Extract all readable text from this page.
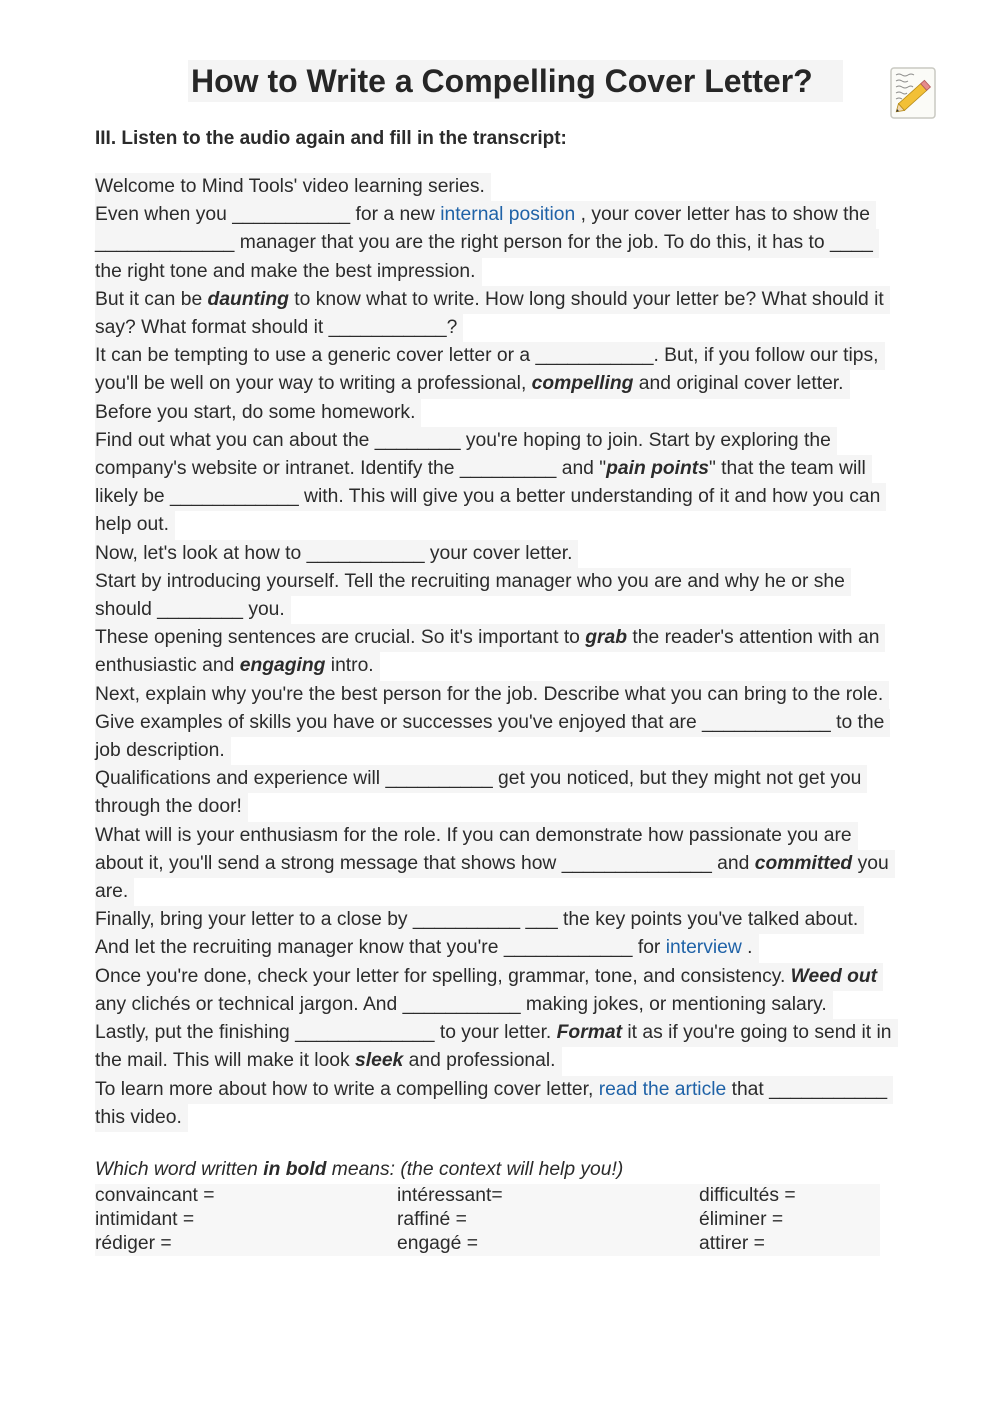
How to Write a Compelling Cover Letter?
III. Listen to the audio again and fill in the transcript:
Welcome to Mind Tools' video learning series.
Even when you ___________ for a new internal position , your cover letter has to show the
_____________ manager that you are the right person for the job. To do this, it has to ____
the right tone and make the best impression.
But it can be daunting to know what to write. How long should your letter be? What should it
say? What format should it ___________?
It can be tempting to use a generic cover letter or a ___________. But, if you follow our tips,
you'll be well on your way to writing a professional, compelling and original cover letter.
Before you start, do some homework.
Find out what you can about the ________ you're hoping to join. Start by exploring the
company's website or intranet. Identify the _________ and "pain points" that the team will
likely be ____________ with. This will give you a better understanding of it and how you can
help out.
Now, let's look at how to ___________ your cover letter.
Start by introducing yourself. Tell the recruiting manager who you are and why he or she
should ________ you.
These opening sentences are crucial. So it's important to grab the reader's attention with an
enthusiastic and engaging intro.
Next, explain why you're the best person for the job. Describe what you can bring to the role.
Give examples of skills you have or successes you've enjoyed that are ____________ to the
job description.
Qualifications and experience will __________ get you noticed, but they might not get you
through the door!
What will is your enthusiasm for the role. If you can demonstrate how passionate you are
about it, you'll send a strong message that shows how ______________ and committed you
are.
Finally, bring your letter to a close by __________ ___ the key points you've talked about.
And let the recruiting manager know that you're ____________ for interview .
Once you're done, check your letter for spelling, grammar, tone, and consistency. Weed out
any clichés or technical jargon. And ___________ making jokes, or mentioning salary.
Lastly, put the finishing _____________ to your letter. Format it as if you're going to send it in
the mail. This will make it look sleek and professional.
To learn more about how to write a compelling cover letter, read the article that ___________
this video.
Which word written in bold means: (the context will help you!)
convaincant =	intéressant=	difficultés =
intimidant =	raffiné =	éliminer =
rédiger =	engagé =	attirer =
